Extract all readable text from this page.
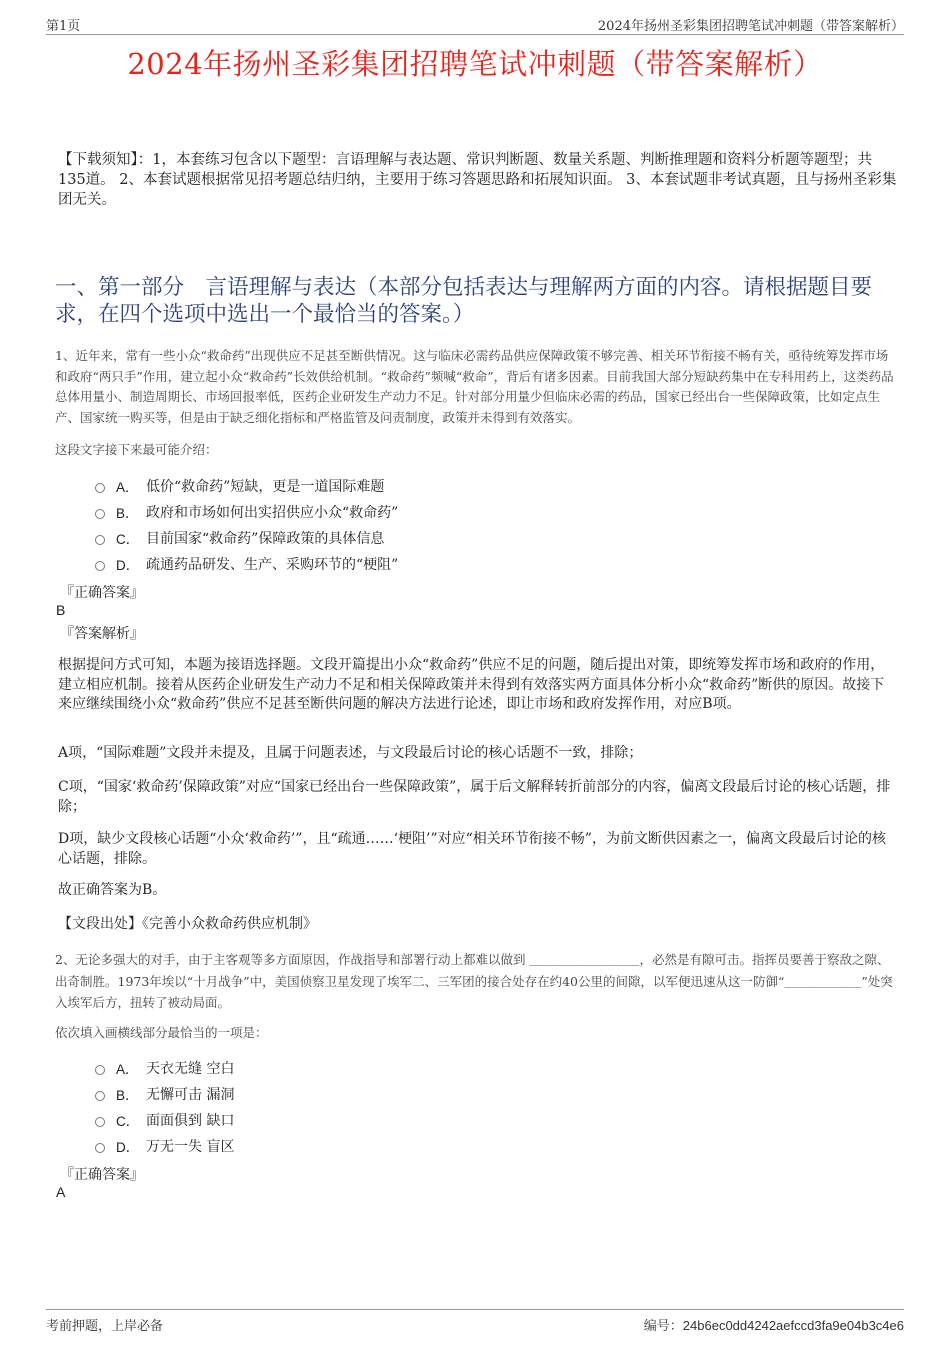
第1页	2024年扬州圣彩集团招聘笔试冲刺题（带答案解析）
2024年扬州圣彩集团招聘笔试冲刺题（带答案解析）
【下载须知】：1，本套练习包含以下题型：言语理解与表达题、常识判断题、数量关系题、判断推理题和资料分析题等题型；共135道。 2、本套试题根据常见招考题总结归纳，主要用于练习答题思路和拓展知识面。 3、本套试题非考试真题，且与扬州圣彩集团无关。
一、第一部分　言语理解与表达（本部分包括表达与理解两方面的内容。请根据题目要求，在四个选项中选出一个最恰当的答案。）
1、近年来，常有一些小众“救命药”出现供应不足甚至断供情况。这与临床必需药品供应保障政策不够完善、相关环节衔接不畅有关，亟待统筹发挥市场和政府“两只手”作用，建立起小众“救命药”长效供给机制。“救命药”频喊“救命”，背后有诸多因素。目前我国大部分短缺药集中在专科用药上，这类药品总体用量小、制造周期长、市场回报率低，医药企业研发生产动力不足。针对部分用量少但临床必需的药品，国家已经出台一些保障政策，比如定点生产、国家统一购买等，但是由于缺乏细化指标和严格监管及问责制度，政策并未得到有效落实。
这段文字接下来最可能介绍：
A． 低价“救命药”短缺，更是一道国际难题
B． 政府和市场如何出实招供应小众“救命药”
C． 目前国家“救命药”保障政策的具体信息
D． 疏通药品研发、生产、采购环节的“梗阻”
『正确答案』
B
『答案解析』
根据提问方式可知，本题为接语选择题。文段开篇提出小众“救命药”供应不足的问题，随后提出对策，即统筹发挥市场和政府的作用，建立相应机制。接着从医药企业研发生产动力不足和相关保障政策并未得到有效落实两方面具体分析小众“救命药”断供的原因。故接下来应继续围绕小众“救命药”供应不足甚至断供问题的解决方法进行论述，即让市场和政府发挥作用，对应B项。
A项，“国际难题”文段并未提及，且属于问题表述，与文段最后讨论的核心话题不一致，排除；
C项，“国家‘救命药’保障政策”对应“国家已经出台一些保障政策”，属于后文解释转折前部分的内容，偏离文段最后讨论的核心话题，排除；
D项，缺少文段核心话题“小众‘救命药’”，且“疏通……‘梗阻’”对应“相关环节衔接不畅”，为前文断供因素之一，偏离文段最后讨论的核心话题，排除。
故正确答案为B。
【文段出处】《完善小众救命药供应机制》
2、无论多强大的对手，由于主客观等多方面原因，作战指导和部署行动上都难以做到 ＿＿＿＿＿＿＿＿＿＿，必然是有隙可击。指挥员要善于察敌之隙、出奇制胜。1973年埃以“十月战争”中，美国侦察卫星发现了埃军二、三军团的接合处存在约40公里的间隙，以军便迅速从这一防御“＿＿＿＿＿＿＿”处突入埃军后方，扭转了被动局面。
依次填入画横线部分最恰当的一项是：
A． 天衣无缝 空白
B． 无懈可击 漏洞
C． 面面俱到 缺口
D． 万无一失 盲区
『正确答案』
A
考前押题，上岸必备	编号：24b6ec0dd4242aefccd3fa9e04b3c4e6
